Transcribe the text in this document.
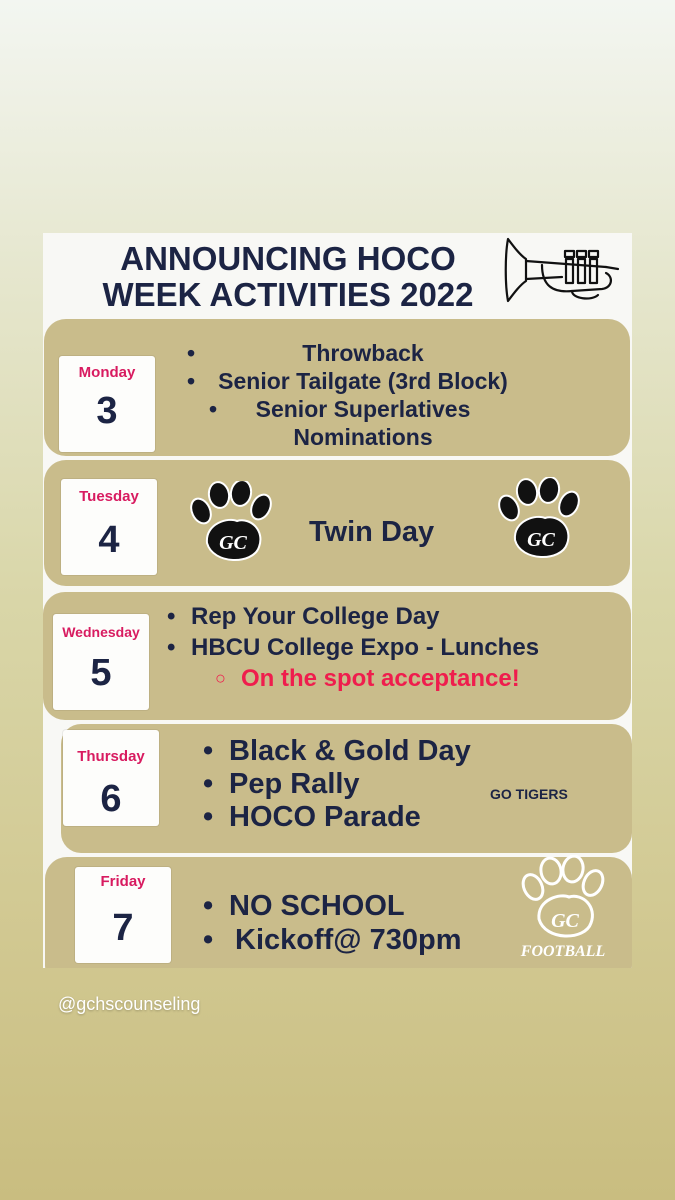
ANNOUNCING HOCO
WEEK ACTIVITIES 2022
Monday
3
•	Throwback
• Senior Tailgate (3rd Block)
• Senior Superlatives
Nominations
Tuesday
4	GC Twin Day	GC
Wednesday
5
• Rep Your College Day
• HBCU College Expo - Lunches
○ On the spot acceptance!
Thursday
6
• Black & Gold Day
• Pep Rally
• HOCO Parade
GO TIGERS
Friday
7
• NO SCHOOL
• Kickoff@ 730pm
GC
FOOTBALL
@gchscounseling
